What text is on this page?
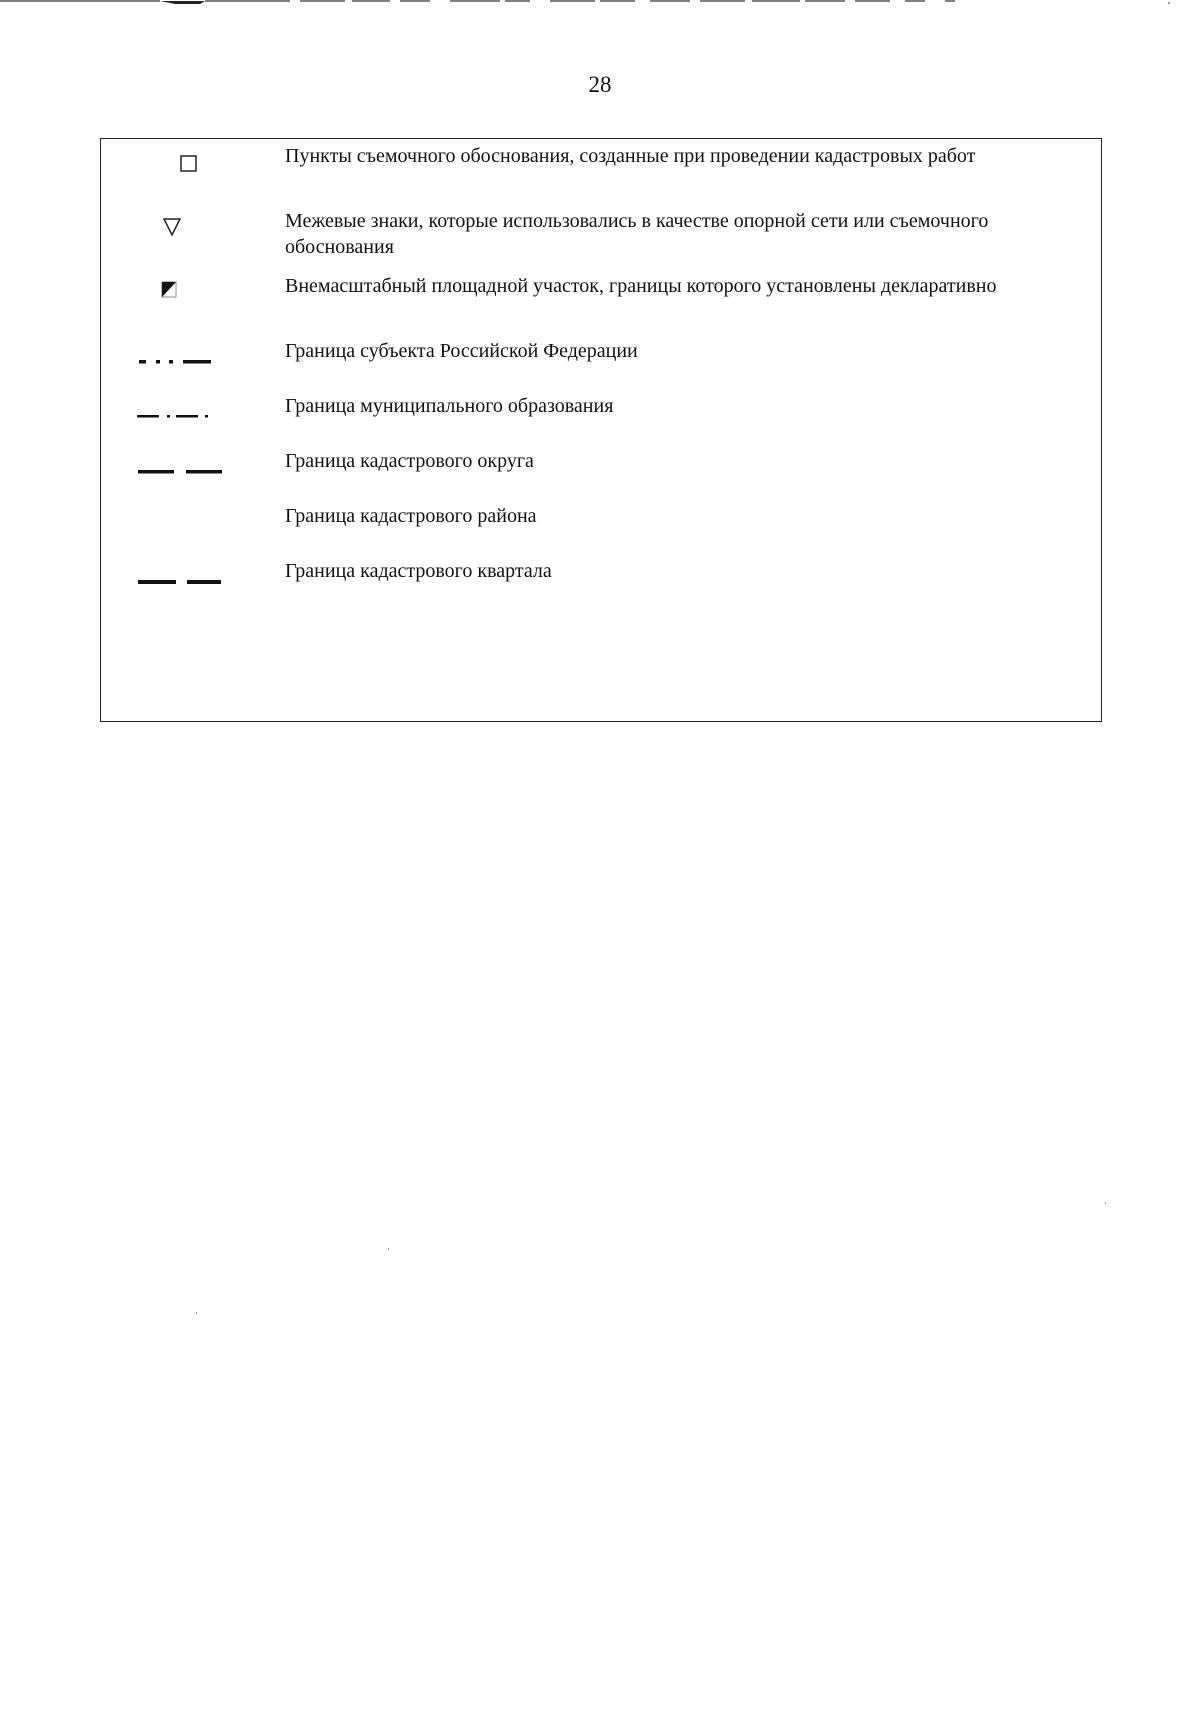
28
Пункты съемочного обоснования, созданные при проведении кадастровых работ
Межевые знаки, которые использовались в качестве опорной сети или съемочного обоснования
Внемасштабный площадной участок, границы которого установлены декларативно
Граница субъекта Российской Федерации
Граница муниципального образования
Граница кадастрового округа
Граница кадастрового района
Граница кадастрового квартала
